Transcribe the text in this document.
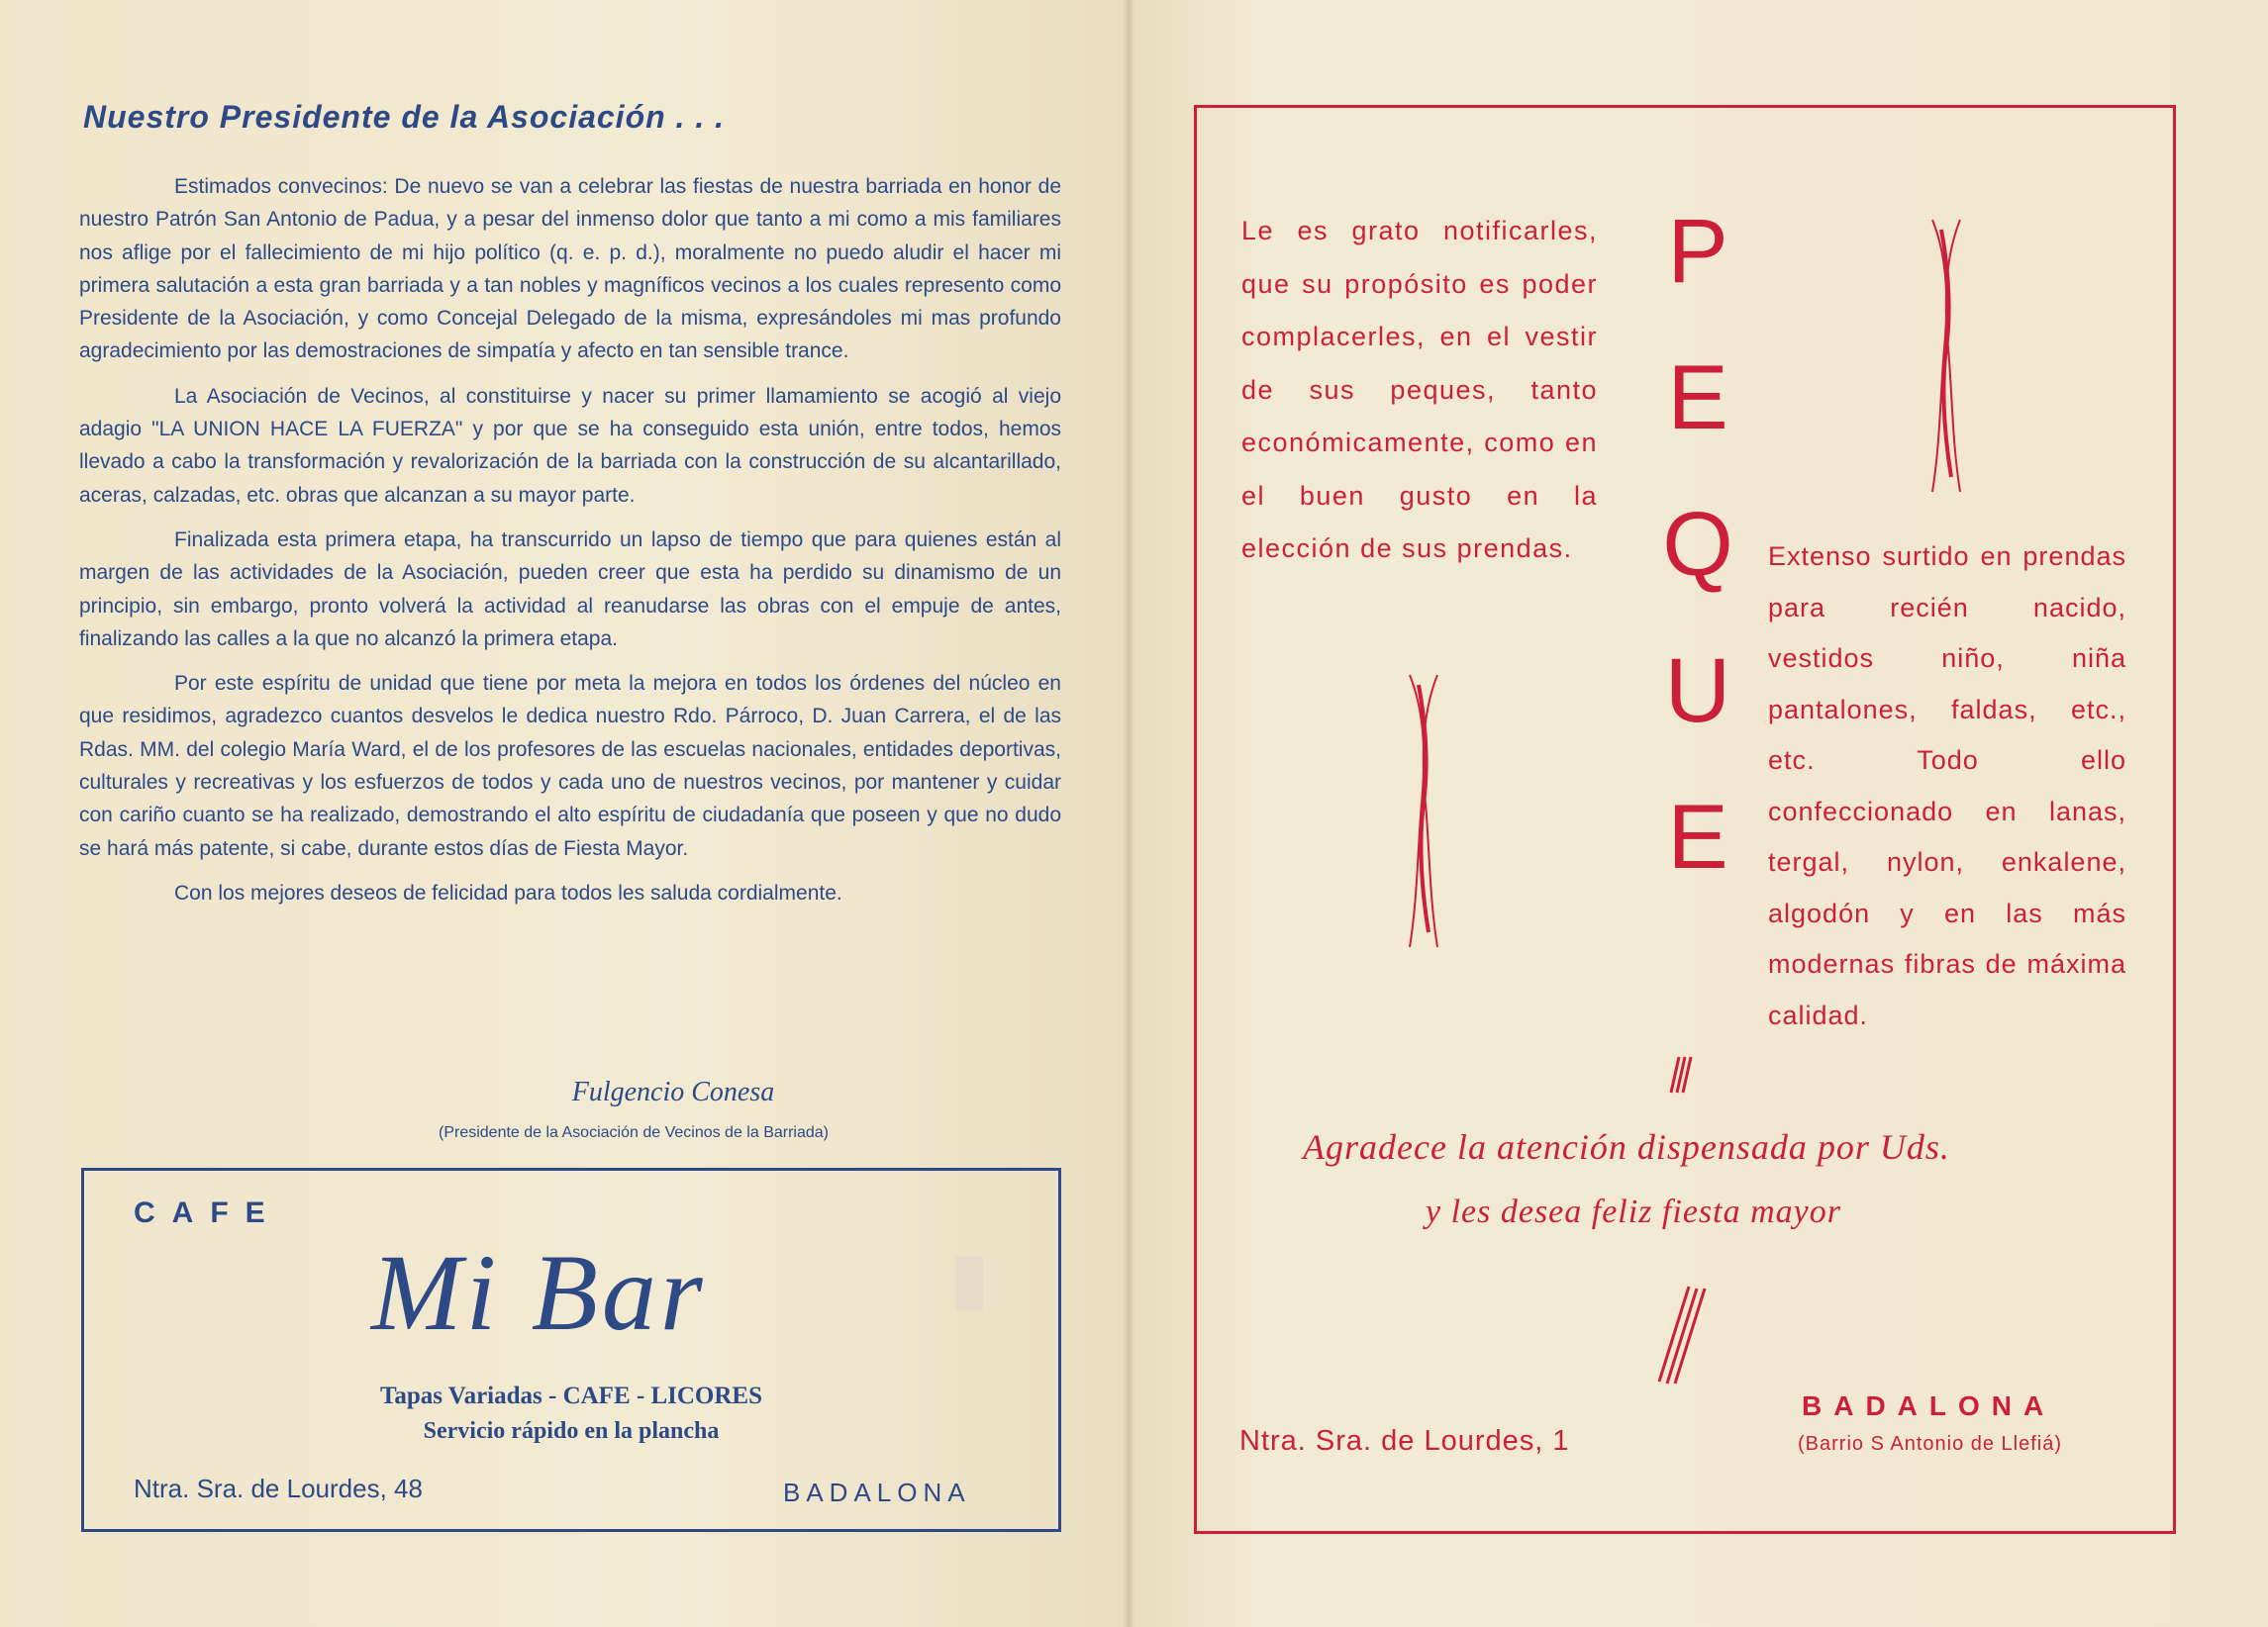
▮
Nuestro Presidente de la Asociación . . .

Estimados convecinos: De nuevo se van a celebrar las fiestas de nuestra barriada en honor de nuestro Patrón San Antonio de Padua, y a pesar del inmenso dolor que tanto a mi como a mis familiares nos aflige por el fallecimiento de mi hijo político (q. e. p. d.), moralmente no puedo aludir el hacer mi primera salutación a esta gran barriada y a tan nobles y magníficos vecinos a los cuales represento como Presidente de la Asociación, y como Concejal Delegado de la misma, expresándoles mi mas profundo agradecimiento por las demostraciones de simpatía y afecto en tan sensible trance.

La Asociación de Vecinos, al constituirse y nacer su primer llamamiento se acogió al viejo adagio "LA UNION HACE LA FUERZA" y por que se ha conseguido esta unión, entre todos, hemos llevado a cabo la transformación y revalorización de la barriada con la construcción de su alcantarillado, aceras, calzadas, etc. obras que alcanzan a su mayor parte.

Finalizada esta primera etapa, ha transcurrido un lapso de tiempo que para quienes están al margen de las actividades de la Asociación, pueden creer que esta ha perdido su dinamismo de un principio, sin embargo, pronto volverá la actividad al reanudarse las obras con el empuje de antes, finalizando las calles a la que no alcanzó la primera etapa.

Por este espíritu de unidad que tiene por meta la mejora en todos los órdenes del núcleo en que residimos, agradezco cuantos desvelos le dedica nuestro Rdo. Párroco, D. Juan Carrera, el de las Rdas. MM. del colegio María Ward, el de los profesores de las escuelas nacionales, entidades deportivas, culturales y recreativas y los esfuerzos de todos y cada uno de nuestros vecinos, por mantener y cuidar con cariño cuanto se ha realizado, demostrando el alto espíritu de ciudadanía que poseen y que no dudo se hará más patente, si cabe, durante estos días de Fiesta Mayor.

Con los mejores deseos de felicidad para todos les saluda cordialmente.

Fulgencio Conesa
(Presidente de la Asociación de Vecinos de la Barriada)
CAFE
Mi Bar
Tapas Variadas - CAFE - LICORES
Servicio rápido en la plancha
Ntra. Sra. de Lourdes, 48	BADALONA
Le es grato notificarles, que su propósito es poder complacerles, en el vestir de sus peques, tanto económicamente, como en el buen gusto en la elección de sus prendas.
P
E
Q
U
E
Extenso surtido en prendas para recién nacido, vestidos niño, niña pantalones, faldas, etc., etc. Todo ello confeccionado en lanas, tergal, nylon, enkalene, algodón y en las más modernas fibras de máxima calidad.
Agradece la atención dispensada por Uds.
y les desea feliz fiesta mayor
Ntra. Sra. de Lourdes, 1
BADALONA
(Barrio S Antonio de Llefiá)
